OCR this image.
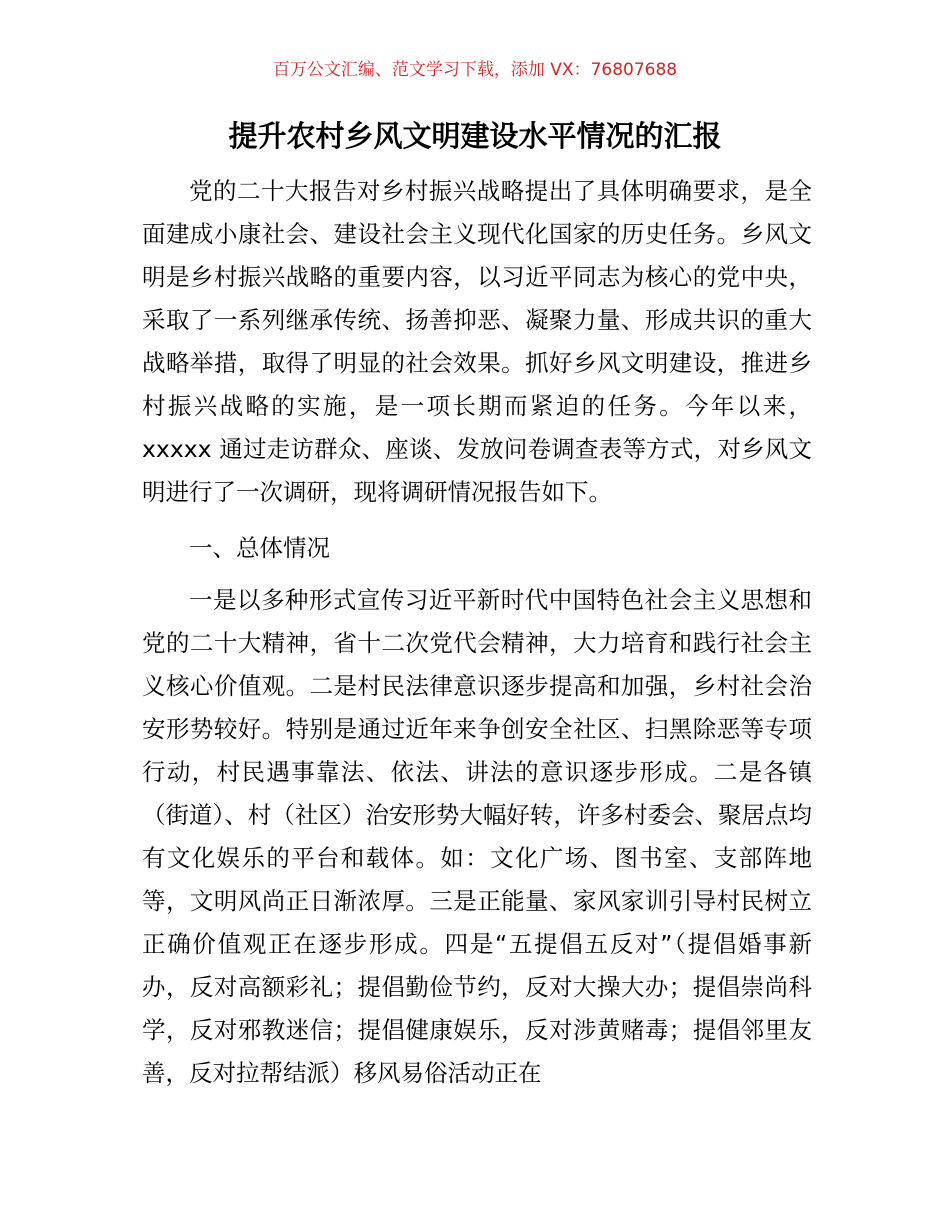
百万公文汇编、范文学习下载，添加 VX：76807688
提升农村乡风文明建设水平情况的汇报

党的二十大报告对乡村振兴战略提出了具体明确要求，是全面建成小康社会、建设社会主义现代化国家的历史任务。乡风文明是乡村振兴战略的重要内容，以习近平同志为核心的党中央，采取了一系列继承传统、扬善抑恶、凝聚力量、形成共识的重大战略举措，取得了明显的社会效果。抓好乡风文明建设，推进乡村振兴战略的实施，是一项长期而紧迫的任务。今年以来，xxxxx 通过走访群众、座谈、发放问卷调查表等方式，对乡风文明进行了一次调研，现将调研情况报告如下。

一、总体情况

一是以多种形式宣传习近平新时代中国特色社会主义思想和党的二十大精神，省十二次党代会精神，大力培育和践行社会主义核心价值观。二是村民法律意识逐步提高和加强，乡村社会治安形势较好。特别是通过近年来争创安全社区、扫黑除恶等专项行动，村民遇事靠法、依法、讲法的意识逐步形成。二是各镇（街道）、村（社区）治安形势大幅好转，许多村委会、聚居点均有文化娱乐的平台和载体。如：文化广场、图书室、支部阵地等，文明风尚正日渐浓厚。三是正能量、家风家训引导村民树立正确价值观正在逐步形成。四是“五提倡五反对”（提倡婚事新办，反对高额彩礼；提倡勤俭节约，反对大操大办；提倡崇尚科学，反对邪教迷信；提倡健康娱乐，反对涉黄赌毒；提倡邻里友善，反对拉帮结派）移风易俗活动正在
